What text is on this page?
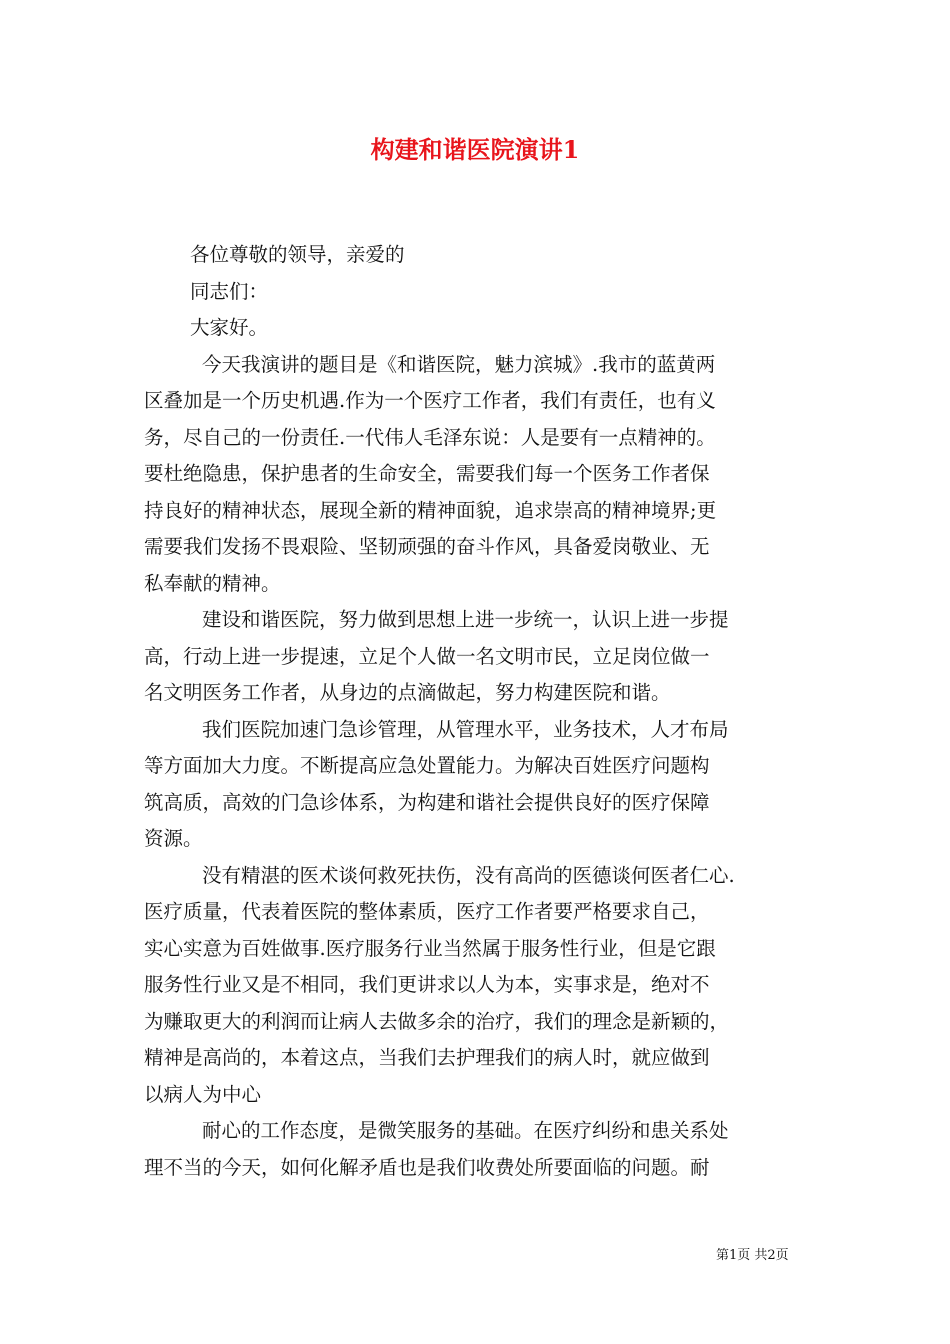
构建和谐医院演讲1

各位尊敬的领导，亲爱的

同志们：

大家好。

今天我演讲的题目是《和谐医院，魅力滨城》.我市的蓝黄两

区叠加是一个历史机遇.作为一个医疗工作者，我们有责任，也有义

务，尽自己的一份责任.一代伟人毛泽东说：人是要有一点精神的。

要杜绝隐患，保护患者的生命安全，需要我们每一个医务工作者保

持良好的精神状态，展现全新的精神面貌，追求崇高的精神境界;更

需要我们发扬不畏艰险、坚韧顽强的奋斗作风，具备爱岗敬业、无

私奉献的精神。

建设和谐医院，努力做到思想上进一步统一，认识上进一步提

高，行动上进一步提速，立足个人做一名文明市民，立足岗位做一

名文明医务工作者，从身边的点滴做起，努力构建医院和谐。

我们医院加速门急诊管理，从管理水平，业务技术，人才布局

等方面加大力度。不断提高应急处置能力。为解决百姓医疗问题构

筑高质，高效的门急诊体系，为构建和谐社会提供良好的医疗保障

资源。

没有精湛的医术谈何救死扶伤，没有高尚的医德谈何医者仁心.

医疗质量，代表着医院的整体素质，医疗工作者要严格要求自己，

实心实意为百姓做事.医疗服务行业当然属于服务性行业，但是它跟

服务性行业又是不相同，我们更讲求以人为本，实事求是，绝对不

为赚取更大的利润而让病人去做多余的治疗，我们的理念是新颖的，

精神是高尚的，本着这点，当我们去护理我们的病人时，就应做到

以病人为中心

耐心的工作态度，是微笑服务的基础。在医疗纠纷和患关系处

理不当的今天，如何化解矛盾也是我们收费处所要面临的问题。耐

第1页 共2页
